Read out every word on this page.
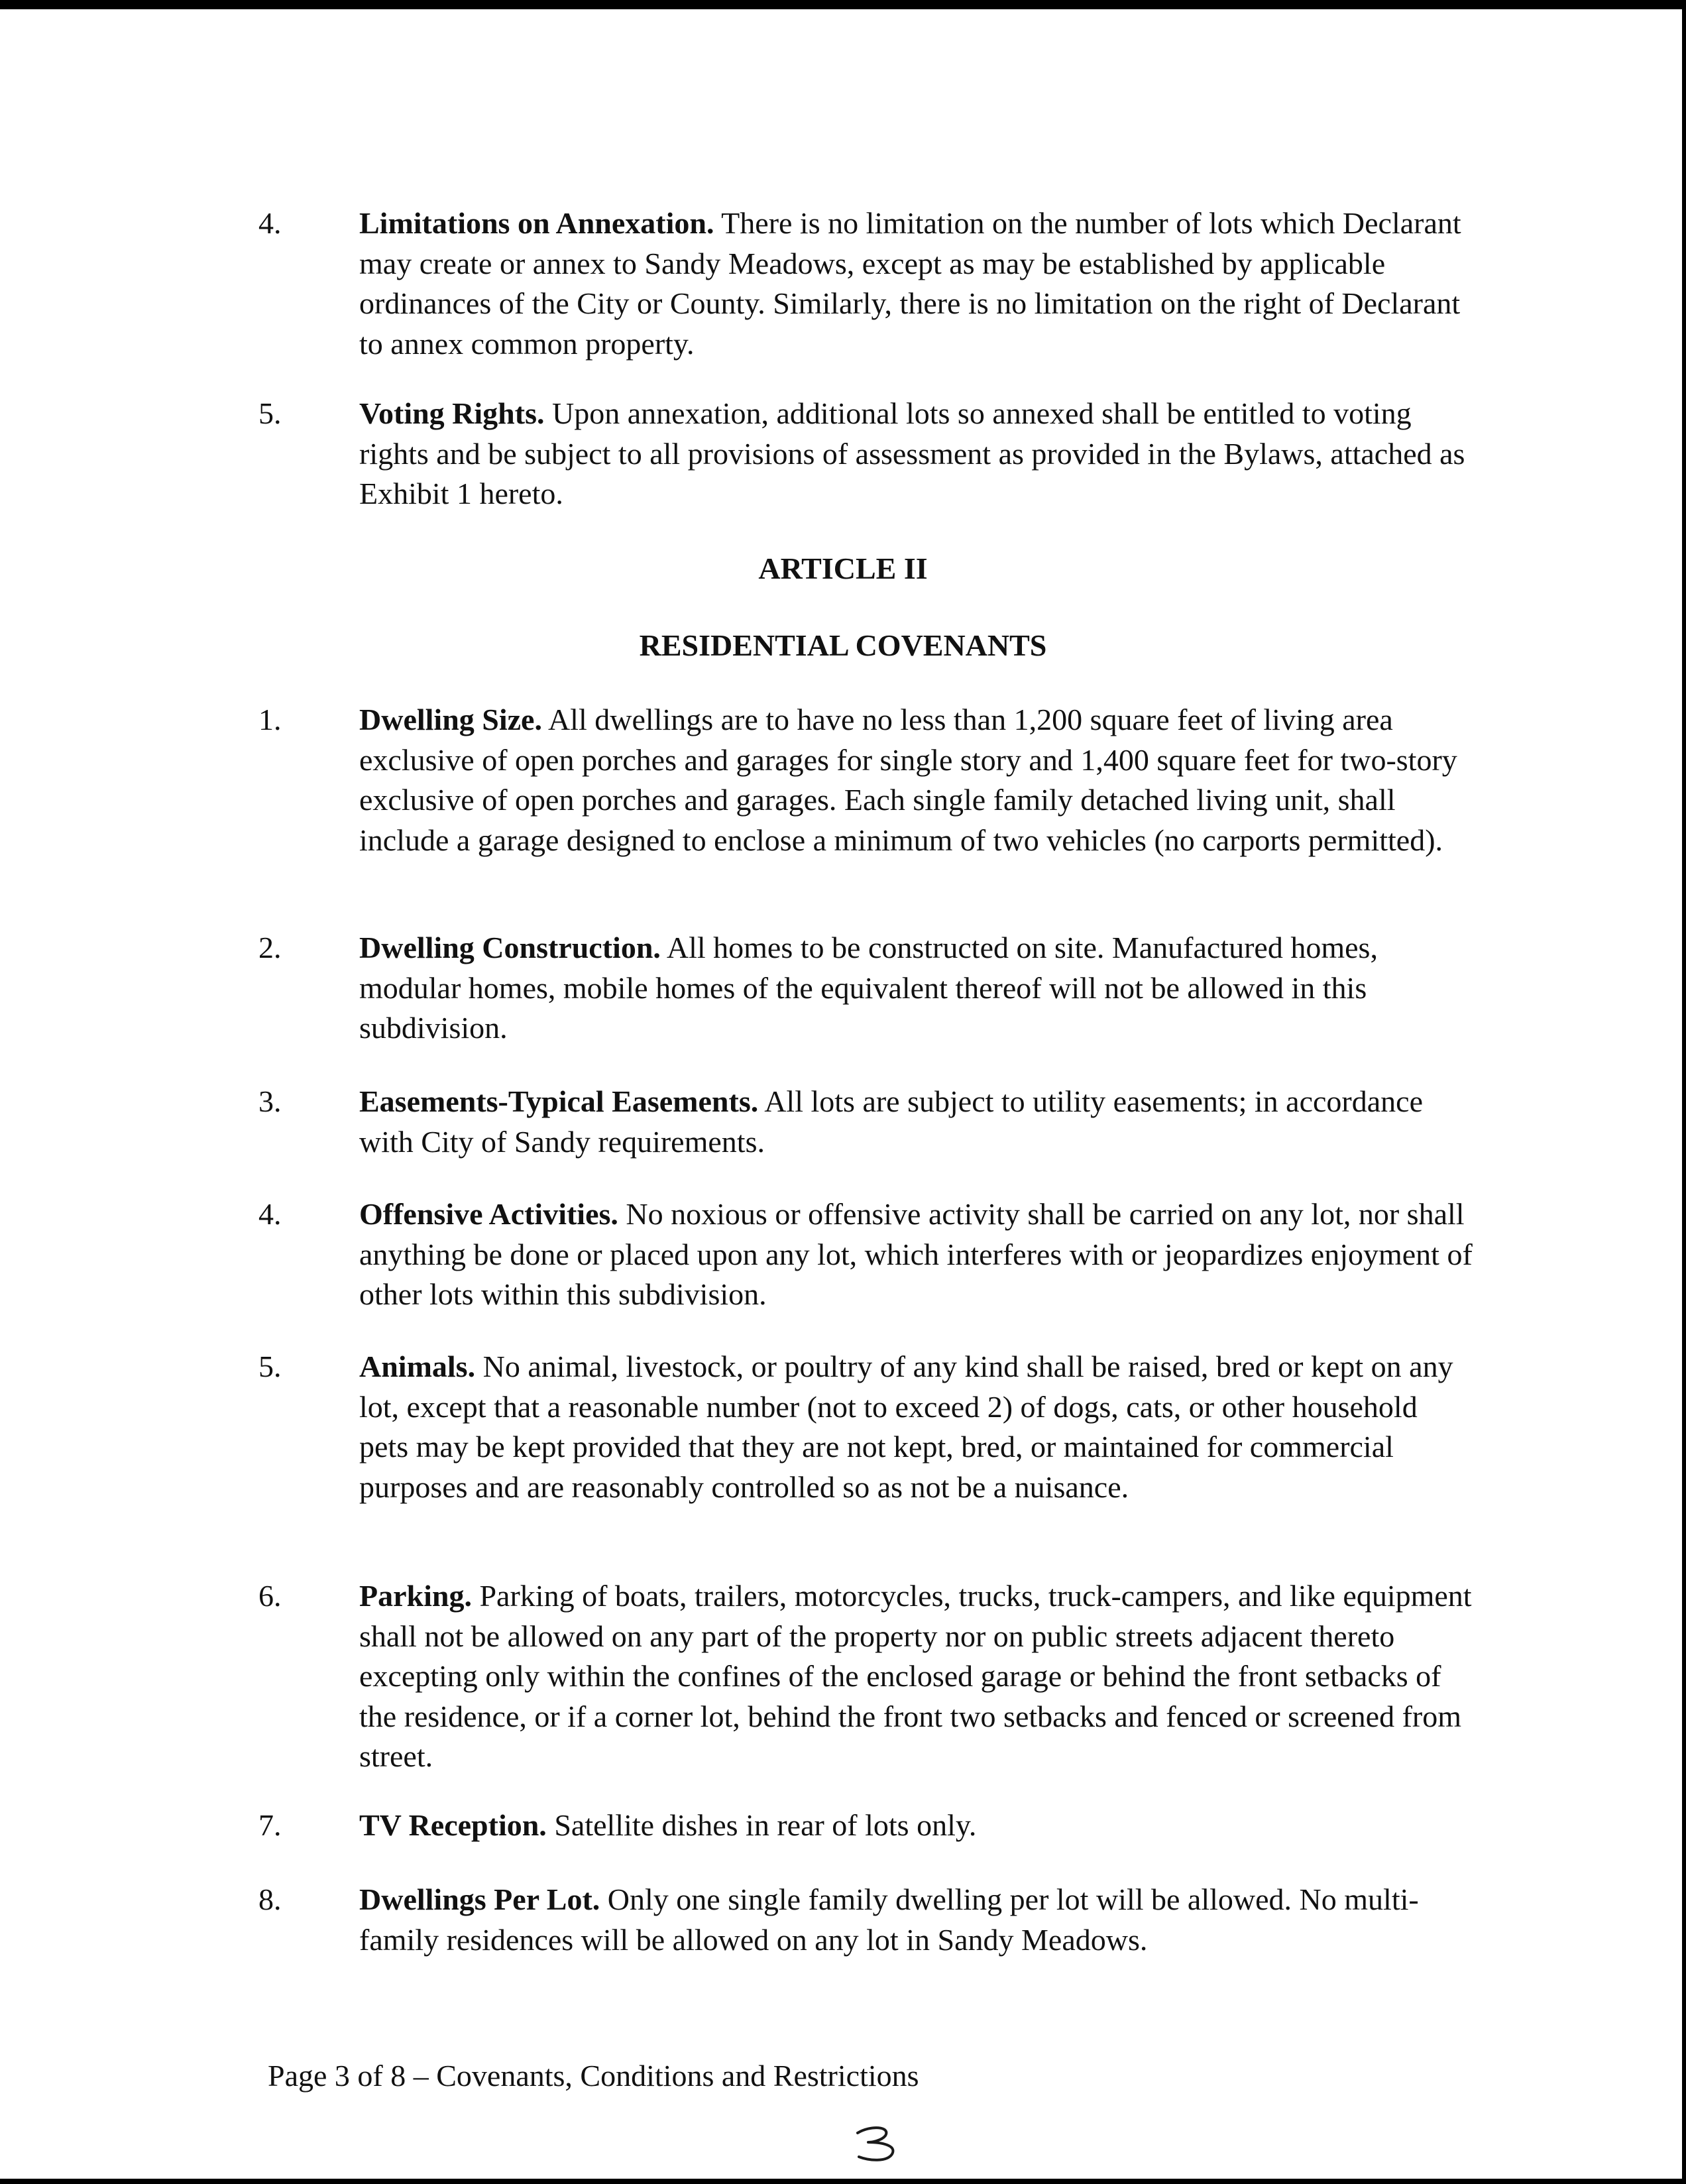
4.	Limitations on Annexation. There is no limitation on the number of lots which Declarant may create or annex to Sandy Meadows, except as may be established by applicable ordinances of the City or County. Similarly, there is no limitation on the right of Declarant to annex common property.
5.	Voting Rights. Upon annexation, additional lots so annexed shall be entitled to voting rights and be subject to all provisions of assessment as provided in the Bylaws, attached as Exhibit 1 hereto.
ARTICLE II
RESIDENTIAL COVENANTS
1.	Dwelling Size. All dwellings are to have no less than 1,200 square feet of living area exclusive of open porches and garages for single story and 1,400 square feet for two-story exclusive of open porches and garages. Each single family detached living unit, shall include a garage designed to enclose a minimum of two vehicles (no carports permitted).
2.	Dwelling Construction. All homes to be constructed on site. Manufactured homes, modular homes, mobile homes of the equivalent thereof will not be allowed in this subdivision.
3.	Easements-Typical Easements. All lots are subject to utility easements; in accordance with City of Sandy requirements.
4.	Offensive Activities. No noxious or offensive activity shall be carried on any lot, nor shall anything be done or placed upon any lot, which interferes with or jeopardizes enjoyment of other lots within this subdivision.
5.	Animals. No animal, livestock, or poultry of any kind shall be raised, bred or kept on any lot, except that a reasonable number (not to exceed 2) of dogs, cats, or other household pets may be kept provided that they are not kept, bred, or maintained for commercial purposes and are reasonably controlled so as not be a nuisance.
6.	Parking. Parking of boats, trailers, motorcycles, trucks, truck-campers, and like equipment shall not be allowed on any part of the property nor on public streets adjacent thereto excepting only within the confines of the enclosed garage or behind the front setbacks of the residence, or if a corner lot, behind the front two setbacks and fenced or screened from street.
7.	TV Reception. Satellite dishes in rear of lots only.
8.	Dwellings Per Lot. Only one single family dwelling per lot will be allowed. No multi-family residences will be allowed on any lot in Sandy Meadows.
Page 3 of 8 – Covenants, Conditions and Restrictions
